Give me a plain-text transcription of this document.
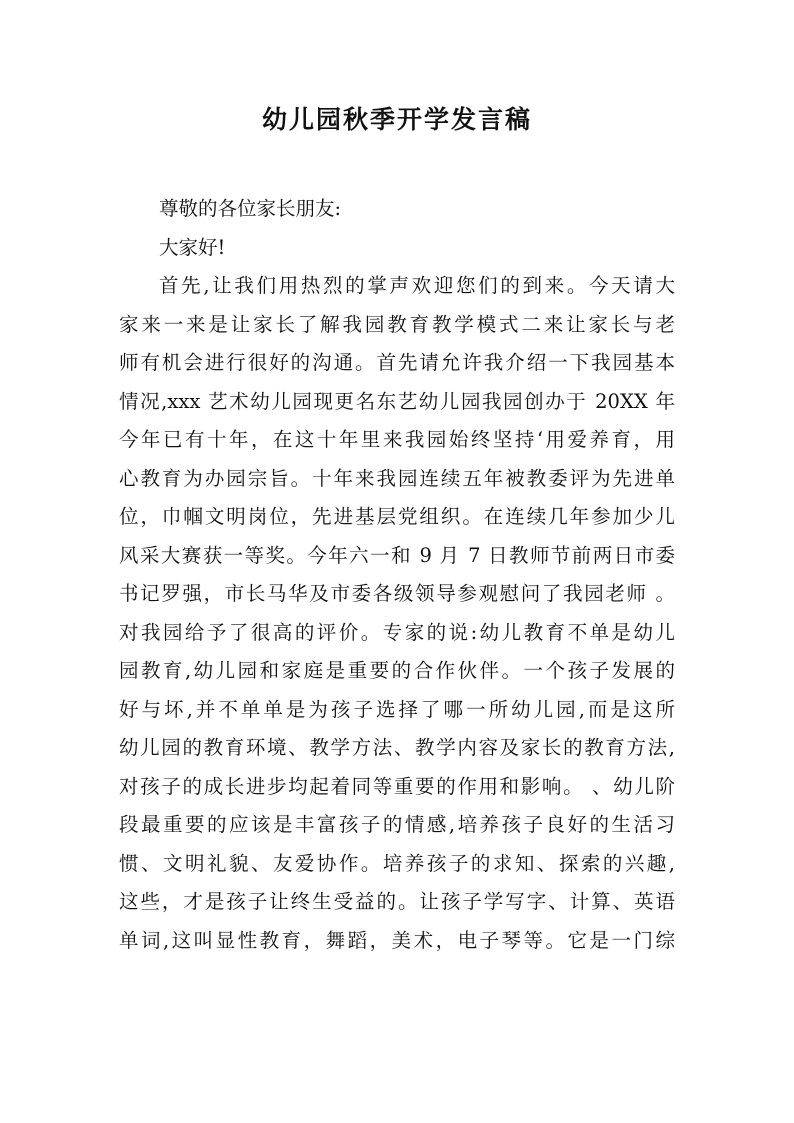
幼儿园秋季开学发言稿
尊敬的各位家长朋友:
大家好!
首先,让我们用热烈的掌声欢迎您们的到来。今天请大
家来一来是让家长了解我园教育教学模式二来让家长与老
师有机会进行很好的沟通。首先请允许我介绍一下我园基本
情况,xxx 艺术幼儿园现更名东艺幼儿园我园创办于 20XX 年
今年已有十年，在这十年里来我园始终坚持‘用爱养育，用
心教育为办园宗旨。十年来我园连续五年被教委评为先进单
位，巾帼文明岗位，先进基层党组织。在连续几年参加少儿
风采大赛获一等奖。今年六一和 9 月 7 日教师节前两日市委
书记罗强，市长马华及市委各级领导参观慰问了我园老师 。
对我园给予了很高的评价。专家的说:幼儿教育不单是幼儿
园教育,幼儿园和家庭是重要的合作伙伴。一个孩子发展的
好与坏,并不单单是为孩子选择了哪一所幼儿园,而是这所
幼儿园的教育环境、教学方法、教学内容及家长的教育方法,
对孩子的成长进步均起着同等重要的作用和影响。 、幼儿阶
段最重要的应该是丰富孩子的情感,培养孩子良好的生活习
惯、文明礼貌、友爱协作。培养孩子的求知、探索的兴趣,
这些，才是孩子让终生受益的。让孩子学写字、计算、英语
单词,这叫显性教育，舞蹈，美术，电子琴等。它是一门综
